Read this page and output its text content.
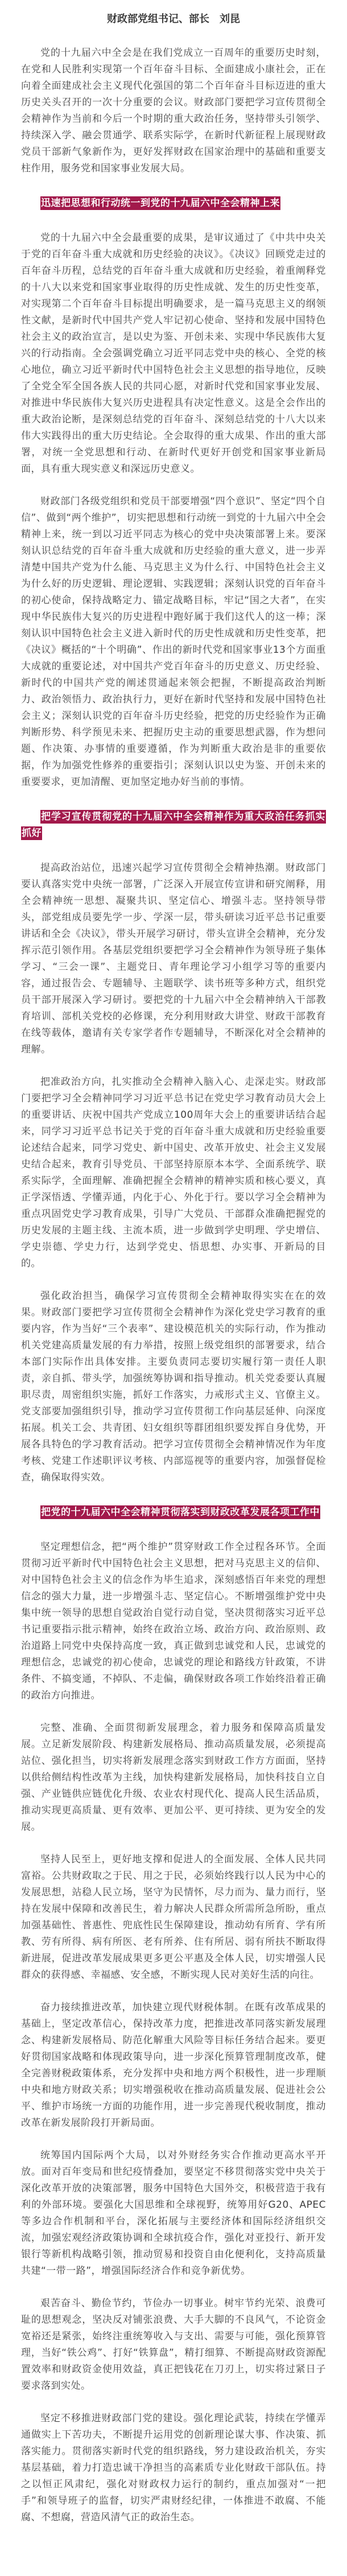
财政部党组书记、部长　刘昆

党的十九届六中全会是在我们党成立一百周年的重要历史时刻，在党和人民胜利实现第一个百年奋斗目标、全面建成小康社会，正在向着全面建成社会主义现代化强国的第二个百年奋斗目标迈进的重大历史关头召开的一次十分重要的会议。财政部门要把学习宣传贯彻全会精神作为当前和今后一个时期的重大政治任务，坚持带头引领学、持续深入学、融会贯通学、联系实际学，在新时代新征程上展现财政党员干部新气象新作为，更好发挥财政在国家治理中的基础和重要支柱作用，服务党和国家事业发展大局。

迅速把思想和行动统一到党的十九届六中全会精神上来

党的十九届六中全会最重要的成果，是审议通过了《中共中央关于党的百年奋斗重大成就和历史经验的决议》。《决议》回顾党走过的百年奋斗历程，总结党的百年奋斗重大成就和历史经验，着重阐释党的十八大以来党和国家事业取得的历史性成就、发生的历史性变革，对实现第二个百年奋斗目标提出明确要求，是一篇马克思主义的纲领性文献，是新时代中国共产党人牢记初心使命、坚持和发展中国特色社会主义的政治宣言，是以史为鉴、开创未来、实现中华民族伟大复兴的行动指南。全会强调党确立习近平同志党中央的核心、全党的核心地位，确立习近平新时代中国特色社会主义思想的指导地位，反映了全党全军全国各族人民的共同心愿，对新时代党和国家事业发展、对推进中华民族伟大复兴历史进程具有决定性意义。这是全会作出的重大政治论断，是深刻总结党的百年奋斗、深刻总结党的十八大以来伟大实践得出的重大历史结论。全会取得的重大成果、作出的重大部署，对统一全党思想和行动、在新时代更好开创党和国家事业新局面，具有重大现实意义和深远历史意义。

财政部门各级党组织和党员干部要增强“四个意识”、坚定“四个自信”、做到“两个维护”，切实把思想和行动统一到党的十九届六中全会精神上来，统一到以习近平同志为核心的党中央决策部署上来。要深刻认识总结党的百年奋斗重大成就和历史经验的重大意义，进一步弄清楚中国共产党为什么能、马克思主义为什么行、中国特色社会主义为什么好的历史逻辑、理论逻辑、实践逻辑；深刻认识党的百年奋斗的初心使命，保持战略定力、锚定战略目标，牢记“国之大者”，在实现中华民族伟大复兴的历史进程中跑好属于我们这代人的这一棒；深刻认识中国特色社会主义进入新时代的历史性成就和历史性变革，把《决议》概括的“十个明确”、作出的新时代党和国家事业13个方面重大成就的重要论述，对中国共产党百年奋斗的历史意义、历史经验、新时代的中国共产党的阐述贯通起来领会把握，不断提高政治判断力、政治领悟力、政治执行力，更好在新时代坚持和发展中国特色社会主义；深刻认识党的百年奋斗历史经验，把党的历史经验作为正确判断形势、科学预见未来、把握历史主动的重要思想武器，作为想问题、作决策、办事情的重要遵循，作为判断重大政治是非的重要依据，作为加强党性修养的重要指引；深刻认识以史为鉴、开创未来的重要要求，更加清醒、更加坚定地办好当前的事情。

把学习宣传贯彻党的十九届六中全会精神作为重大政治任务抓实抓好

提高政治站位，迅速兴起学习宣传贯彻全会精神热潮。财政部门要认真落实党中央统一部署，广泛深入开展宣传宣讲和研究阐释，用全会精神统一思想、凝聚共识、坚定信心、增强斗志。坚持领导带头，部党组成员要先学一步、学深一层，带头研读习近平总书记重要讲话和全会《决议》，带头开展学习研讨，带头宣讲全会精神，充分发挥示范引领作用。各基层党组织要把学习全会精神作为领导班子集体学习、“三会一课”、主题党日、青年理论学习小组学习等的重要内容，通过报告会、专题辅导、主题联学、读书班等多种方式，组织党员干部开展深入学习研讨。要把党的十九届六中全会精神纳入干部教育培训、部机关党校的必修课，充分利用财政大讲堂、财政干部教育在线等载体，邀请有关专家学者作专题辅导，不断深化对全会精神的理解。

把准政治方向，扎实推动全会精神入脑入心、走深走实。财政部门要把学习全会精神同学习习近平总书记在党史学习教育动员大会上的重要讲话、庆祝中国共产党成立100周年大会上的重要讲话结合起来，同学习习近平总书记关于党的百年奋斗重大成就和历史经验重要论述结合起来，同学习党史、新中国史、改革开放史、社会主义发展史结合起来，教育引导党员、干部坚持原原本本学、全面系统学、联系实际学，全面理解、准确把握全会精神的精神实质和核心要义，真正学深悟透、学懂弄通，内化于心、外化于行。要以学习全会精神为重点巩固党史学习教育成果，引导广大党员、干部群众准确把握党的历史发展的主题主线、主流本质，进一步做到学史明理、学史增信、学史崇德、学史力行，达到学党史、悟思想、办实事、开新局的目的。

强化政治担当，确保学习宣传贯彻全会精神取得实实在在的效果。财政部门要把学习宣传贯彻全会精神作为深化党史学习教育的重要内容，作为当好“三个表率”、建设模范机关的实际行动，作为推动机关党建高质量发展的有力举措，按照上级党组织的部署要求，结合本部门实际作出具体安排。主要负责同志要切实履行第一责任人职责，亲自抓、带头学，加强统筹协调和指导推动。机关党委要认真履职尽责，周密组织实施，抓好工作落实，力戒形式主义、官僚主义。党支部要加强组织引导，推动学习宣传贯彻工作向基层延伸、向深度拓展。机关工会、共青团、妇女组织等群团组织要发挥自身优势，开展各具特色的学习教育活动。把学习宣传贯彻全会精神情况作为年度考核、党建工作述职评议考核、内部巡视等的重要内容，加强督促检查，确保取得实效。

把党的十九届六中全会精神贯彻落实到财政改革发展各项工作中

坚定理想信念，把“两个维护”贯穿财政工作全过程各环节。全面贯彻习近平新时代中国特色社会主义思想，把对马克思主义的信仰、对中国特色社会主义的信念作为毕生追求，深刻感悟百年来党的理想信念的强大力量，进一步增强斗志、坚定信心。不断增强维护党中央集中统一领导的思想自觉政治自觉行动自觉，坚决贯彻落实习近平总书记重要指示批示精神，始终在政治立场、政治方向、政治原则、政治道路上同党中央保持高度一致，真正做到忠诚党和人民，忠诚党的理想信念，忠诚党的初心使命，忠诚党的理论和路线方针政策，不讲条件、不搞变通，不掉队、不走偏，确保财政各项工作始终沿着正确的政治方向推进。

完整、准确、全面贯彻新发展理念，着力服务和保障高质量发展。立足新发展阶段、构建新发展格局、推动高质量发展，必须提高站位、强化担当，切实将新发展理念落实到财政工作方方面面，坚持以供给侧结构性改革为主线，加快构建新发展格局，加快科技自立自强、产业链供应链优化升级、农业农村现代化、提高人民生活品质，推动实现更高质量、更有效率、更加公平、更可持续、更为安全的发展。

坚持人民至上，更好地支撑和促进人的全面发展、全体人民共同富裕。公共财政取之于民、用之于民，必须始终践行以人民为中心的发展思想，站稳人民立场，坚守为民情怀，尽力而为、量力而行，坚持在发展中保障和改善民生，着力解决人民群众所需所急所盼，重点加强基础性、普惠性、兜底性民生保障建设，推动幼有所育、学有所教、劳有所得、病有所医、老有所养、住有所居、弱有所扶不断取得新进展，促进改革发展成果更多更公平惠及全体人民，切实增强人民群众的获得感、幸福感、安全感，不断实现人民对美好生活的向往。

奋力接续推进改革，加快建立现代财税体制。在既有改革成果的基础上，坚定改革信心，保持改革力度，把推进改革同落实新发展理念、构建新发展格局、防范化解重大风险等目标任务结合起来。要更好贯彻国家战略和体现政策导向，进一步深化预算管理制度改革，健全完善财税政策体系，充分发挥中央和地方两个积极性，进一步理顺中央和地方财政关系；切实增强税收在推动高质量发展、促进社会公平、维护市场统一方面的功能作用，进一步完善现代税收制度，推动改革在新发展阶段打开新局面。

统筹国内国际两个大局，以对外财经务实合作推动更高水平开放。面对百年变局和世纪疫情叠加，要坚定不移贯彻落实党中央关于深化改革开放的决策部署，服务中国特色大国外交，积极营造于我有利的外部环境。要强化大国思维和全球视野，统筹用好G20、APEC等多边合作机制和平台，深化拓展与主要经济体和国际经济组织交流，加强宏观经济政策协调和全球抗疫合作，强化对亚投行、新开发银行等新机构战略引领，推动贸易和投资自由化便利化，支持高质量共建“一带一路”，增强国际经济合作和竞争新优势。

艰苦奋斗、勤俭节约，节俭办一切事业。树牢节约光荣、浪费可耻的思想观念，坚决反对铺张浪费、大手大脚的不良风气，不论资金宽裕还是紧张，始终注重统筹收入与支出、需要与可能，强化预算管理，当好“铁公鸡”、打好“铁算盘”，精打细算、不断提高财政资源配置效率和财政资金使用效益，真正把钱花在刀刃上，切实将过紧日子要求落到实处。

坚定不移推进财政部门党的建设。强化理论武装，持续在学懂弄通做实上下苦功夫，不断提升运用党的创新理论谋大事、作决策、抓落实能力。贯彻落实新时代党的组织路线，努力建设政治机关，夯实基层基础，着力打造忠诚干净担当的高素质专业化财政干部队伍。持之以恒正风肃纪，强化对财政权力运行的制约，重点加强对“一把手”和领导班子的监督，切实严肃财经纪律，一体推进不敢腐、不能腐、不想腐，营造风清气正的政治生态。
